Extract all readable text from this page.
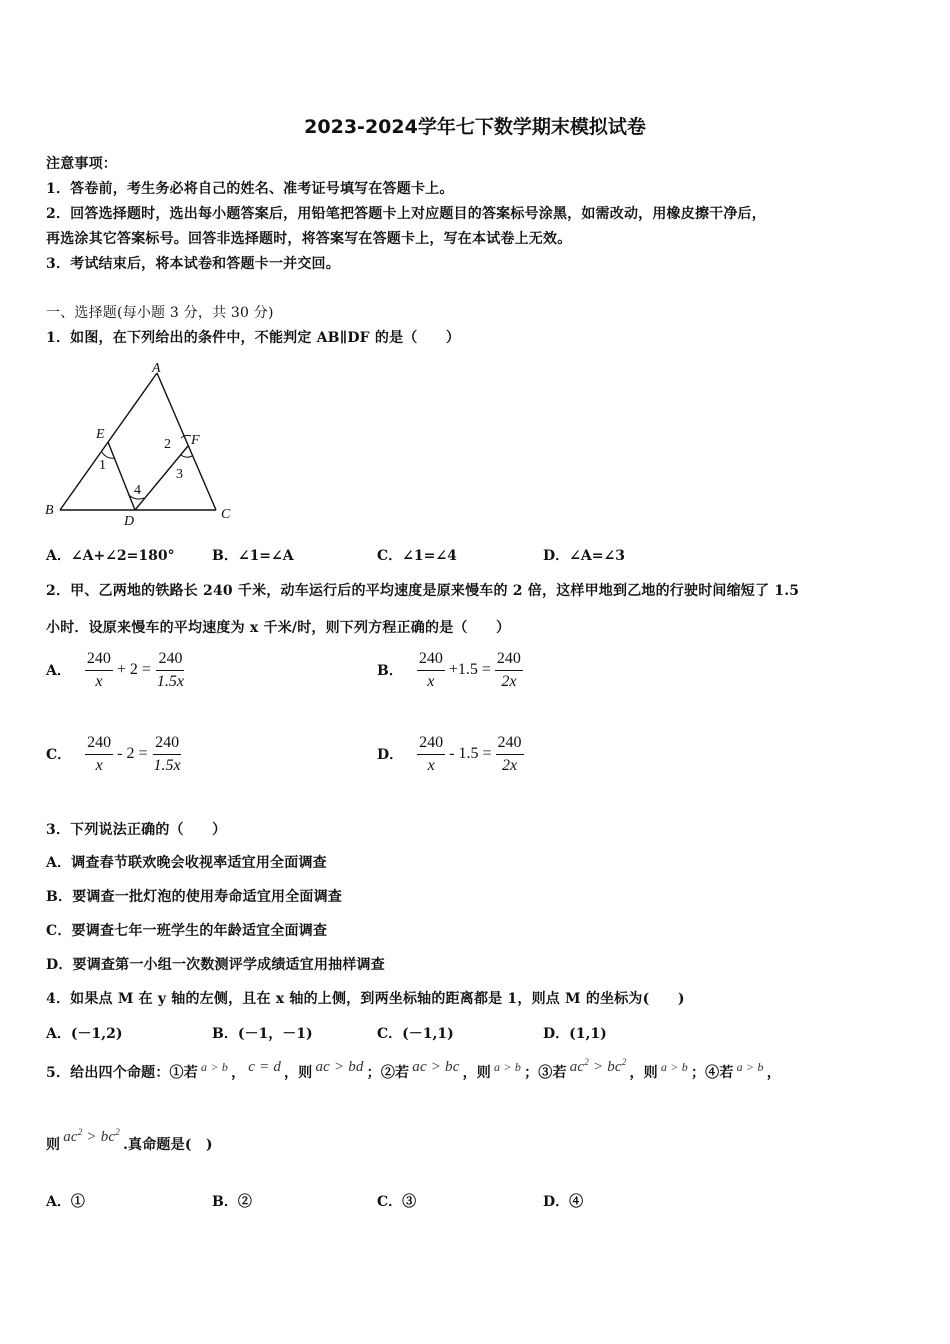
2023-2024学年七下数学期末模拟试卷
注意事项：
1．答卷前，考生务必将自己的姓名、准考证号填写在答题卡上。
2．回答选择题时，选出每小题答案后，用铅笔把答题卡上对应题目的答案标号涂黑，如需改动，用橡皮擦干净后，
再选涂其它答案标号。回答非选择题时，将答案写在答题卡上，写在本试卷上无效。
3．考试结束后，将本试卷和答题卡一并交回。
一、选择题(每小题 3 分，共 30 分)
1．如图，在下列给出的条件中，不能判定 AB∥DF 的是（　　）
A
B	C
D
E	F
1
2
3
4
A．∠A+∠2=180°	B．∠1=∠A	C．∠1=∠4	D．∠A=∠3
2．甲、乙两地的铁路长 240 千米，动车运行后的平均速度是原来慢车的 2 倍，这样甲地到乙地的行驶时间缩短了 1.5
小时．设原来慢车的平均速度为 x 千米/时，则下列方程正确的是（　　）
A． $\frac{240}{x} + 2 = \frac{240}{1.5x}$	B． $\frac{240}{x} +1.5 = \frac{240}{2x}$
C． $\frac{240}{x} - 2 = \frac{240}{1.5x}$	D． $\frac{240}{x} - 1.5 = \frac{240}{2x}$
3．下列说法正确的（　　）
A．调查春节联欢晚会收视率适宜用全面调查
B．要调查一批灯泡的使用寿命适宜用全面调查
C．要调查七年一班学生的年龄适宜全面调查
D．要调查第一小组一次数测评学成绩适宜用抽样调查
4．如果点 M 在 y 轴的左侧，且在 x 轴的上侧，到两坐标轴的距离都是 1，则点 M 的坐标为(　　)
A．(－1,2)	B．(－1，－1)	C．(－1,1)	D．(1,1)
5．给出四个命题：①若 a > b ， c = d ，则 ac > bd ；②若 ac > bc ，则 a > b ；③若 $ac^2 > bc^2$
，则 a > b ；④若 a > b ，
则 $ac^2 > bc^2$
.真命题是(　)
A．①	B．②	C．③	D．④
